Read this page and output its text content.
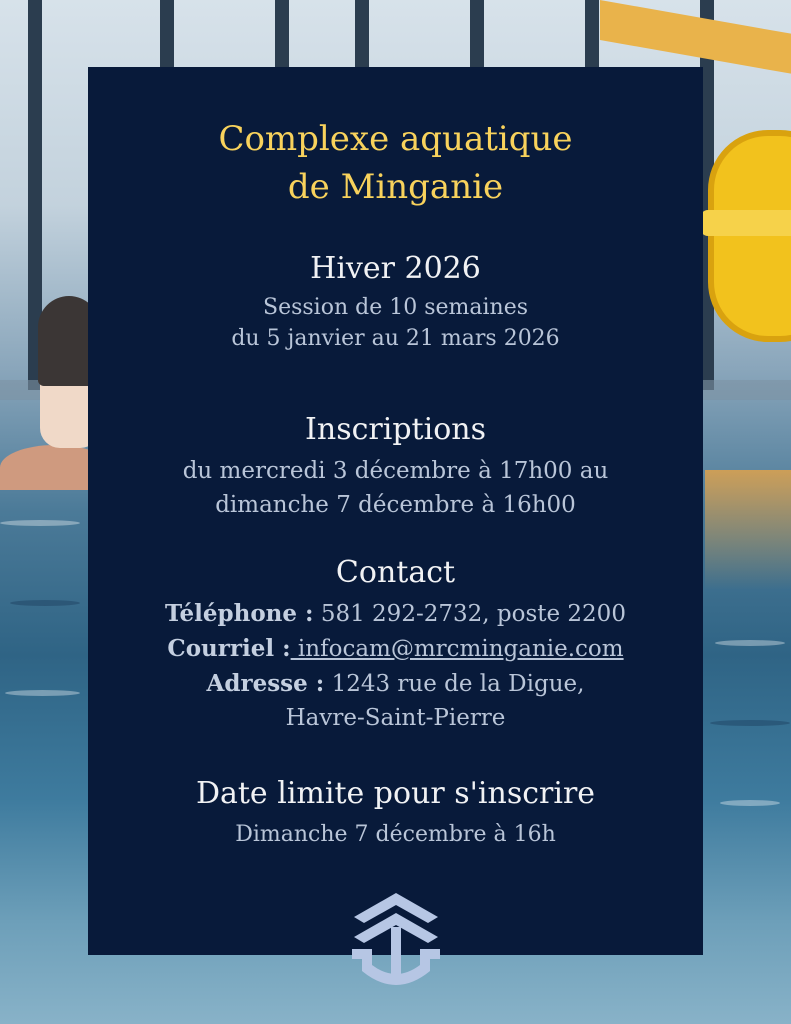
Complexe aquatique
de Minganie
Hiver 2026
Session de 10 semaines
du 5 janvier au 21 mars 2026
Inscriptions
du mercredi 3 décembre à 17h00 au
dimanche 7 décembre à 16h00
Contact
Téléphone : 581 292-2732, poste 2200
Courriel : infocam@mrcminganie.com
Adresse : 1243 rue de la Digue,
Havre-Saint-Pierre
Date limite pour s'inscrire
Dimanche 7 décembre à 16h
